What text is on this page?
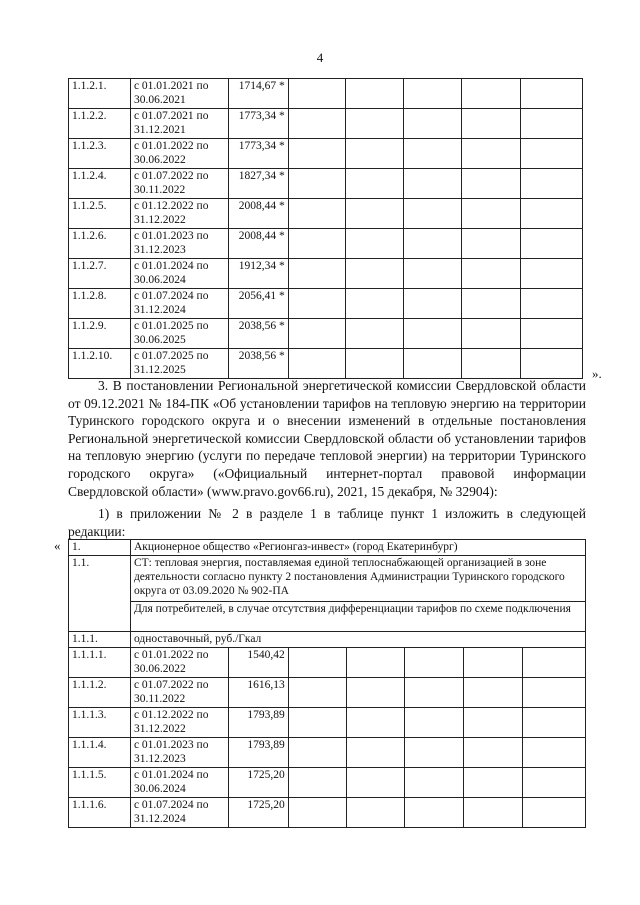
4
1.1.2.1.	с 01.01.2021 по 30.06.2021	1714,67 *					
1.1.2.2.	с 01.07.2021 по 31.12.2021	1773,34 *					
1.1.2.3.	с 01.01.2022 по 30.06.2022	1773,34 *					
1.1.2.4.	с 01.07.2022 по 30.11.2022	1827,34 *					
1.1.2.5.	с 01.12.2022 по 31.12.2022	2008,44 *					
1.1.2.6.	с 01.01.2023 по 31.12.2023	2008,44 *					
1.1.2.7.	с 01.01.2024 по 30.06.2024	1912,34 *					
1.1.2.8.	с 01.07.2024 по 31.12.2024	2056,41 *					
1.1.2.9.	с 01.01.2025 по 30.06.2025	2038,56 *					
1.1.2.10.	с 01.07.2025 по 31.12.2025	2038,56 *					
».

3. В постановлении Региональной энергетической комиссии Свердловской области от 09.12.2021 № 184-ПК «Об установлении тарифов на тепловую энергию на территории Туринского городского округа и о внесении изменений в отдельные постановления Региональной энергетической комиссии Свердловской области об установлении тарифов на тепловую энергию (услуги по передаче тепловой энергии) на территории Туринского городского округа» («Официальный интернет-портал правовой информации Свердловской области» (www.pravo.gov66.ru), 2021, 15 декабря, № 32904):

1) в приложении № 2 в разделе 1 в таблице пункт 1 изложить в следующей редакции:

« 1.	Акционерное общество «Регионгаз-инвест» (город Екатеринбург)						
1.1.	СТ: тепловая энергия, поставляемая единой теплоснабжающей организацией в зоне деятельности согласно пункту 2 постановления Администрации Туринского городского округа от 03.09.2020 № 902-ПА						
	Для потребителей, в случае отсутствия дифференциации тарифов по схеме подключения						
1.1.1.	одноставочный, руб./Гкал						
1.1.1.1.	с 01.01.2022 по 30.06.2022	1540,42					
1.1.1.2.	с 01.07.2022 по 30.11.2022	1616,13					
1.1.1.3.	с 01.12.2022 по 31.12.2022	1793,89					
1.1.1.4.	с 01.01.2023 по 31.12.2023	1793,89					
1.1.1.5.	с 01.01.2024 по 30.06.2024	1725,20					
1.1.1.6.	с 01.07.2024 по 31.12.2024	1725,20					
